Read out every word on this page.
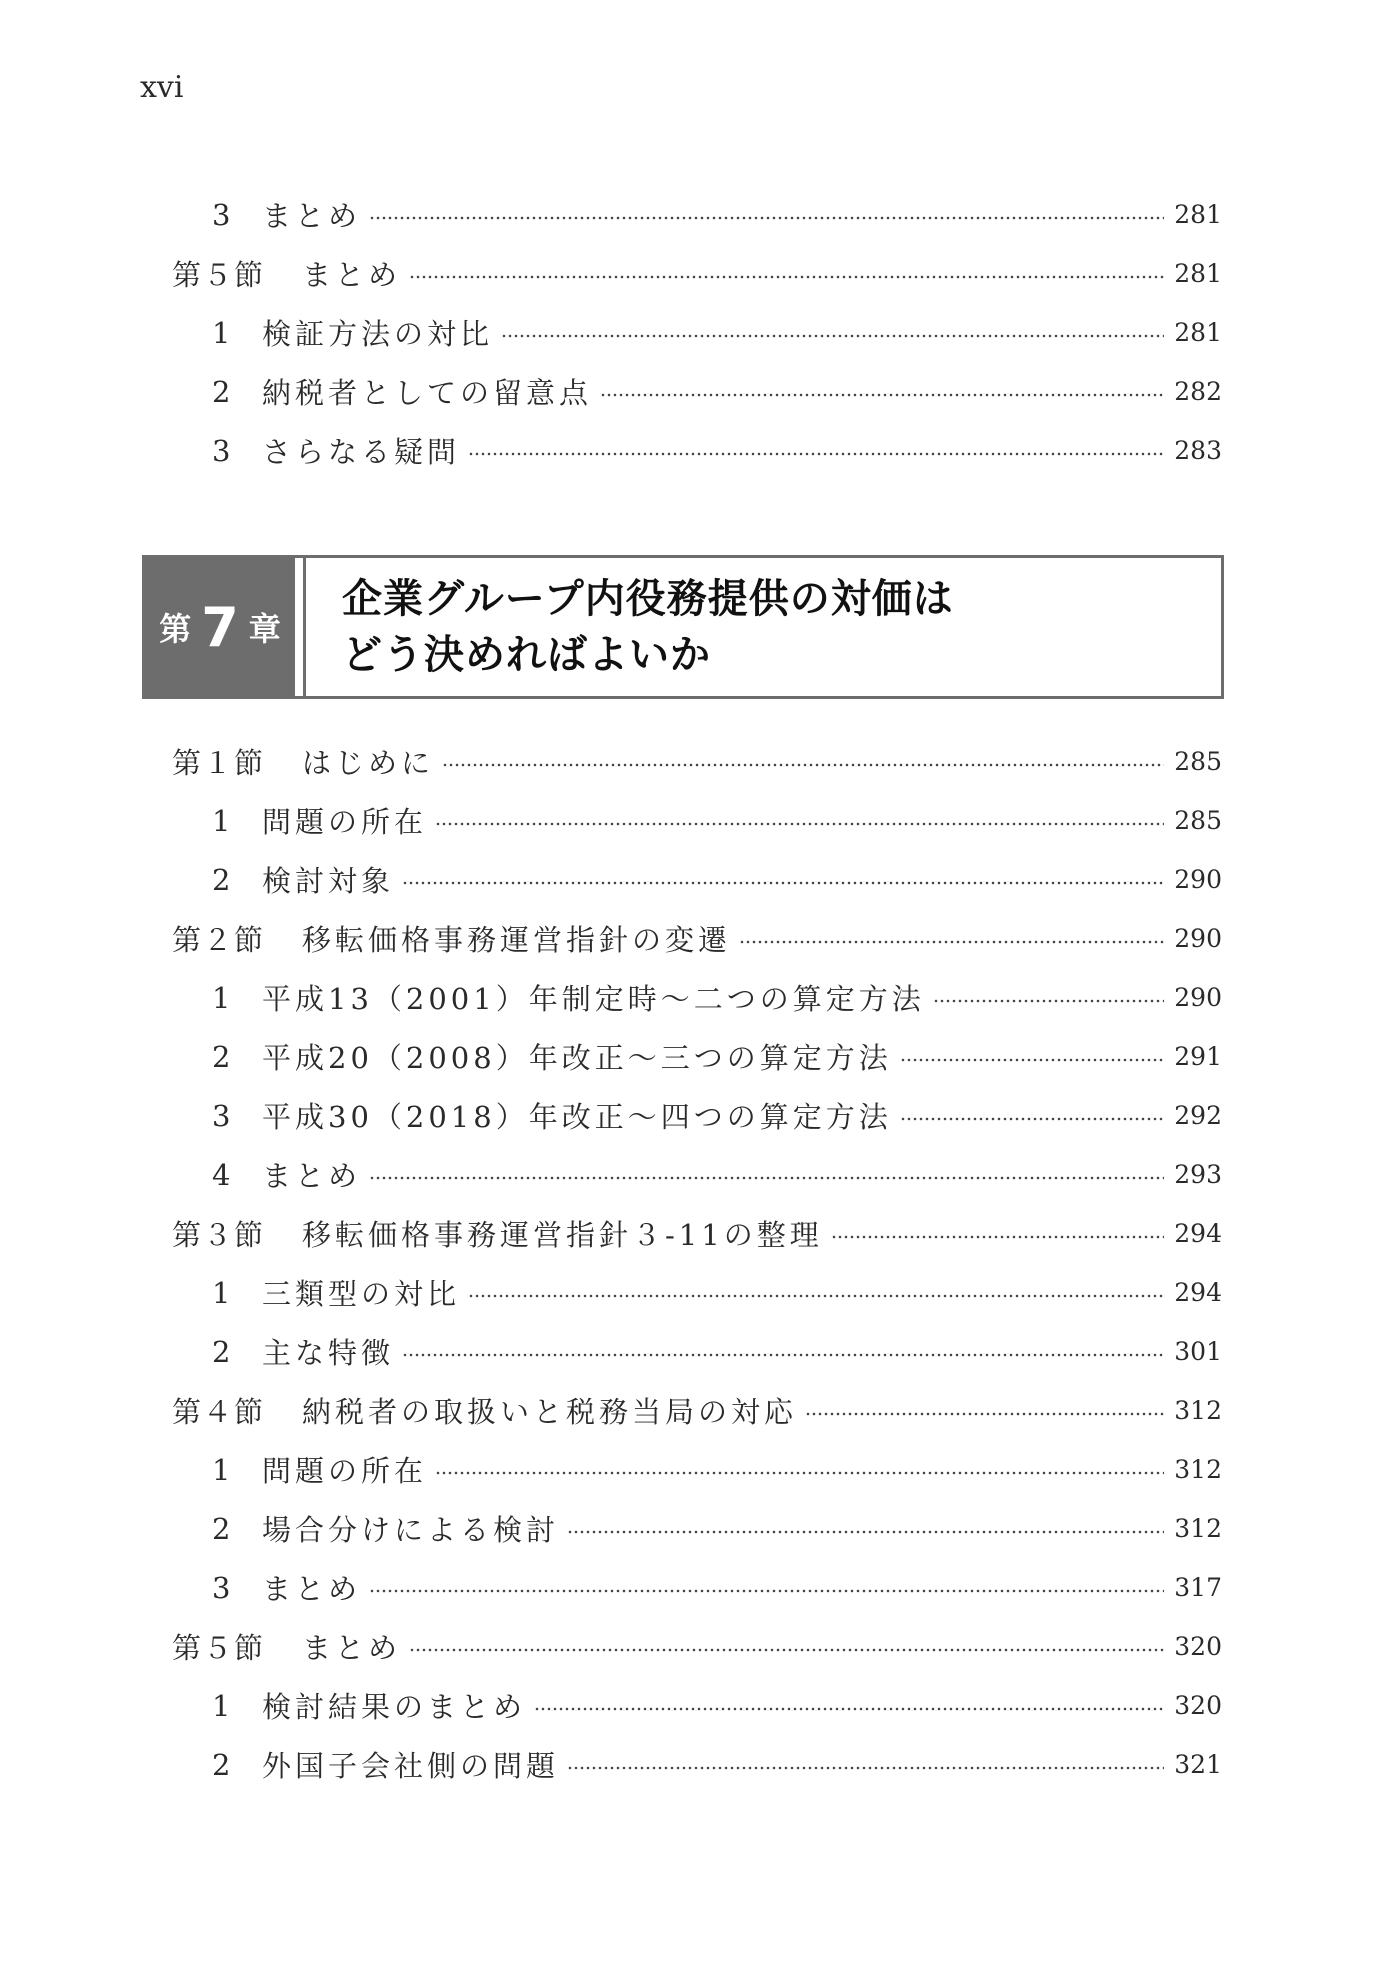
xvi
3	まとめ	281
第５節	まとめ	281
1	検証方法の対比	281
2	納税者としての留意点	282
3	さらなる疑問	283
第 7 章
企業グループ内役務提供の対価は
どう決めればよいか
第１節	はじめに	285
1	問題の所在	285
2	検討対象	290
第２節	移転価格事務運営指針の変遷	290
1	平成13（2001）年制定時～二つの算定方法	290
2	平成20（2008）年改正～三つの算定方法	291
3	平成30（2018）年改正～四つの算定方法	292
4	まとめ	293
第３節	移転価格事務運営指針３-11の整理	294
1	三類型の対比	294
2	主な特徴	301
第４節	納税者の取扱いと税務当局の対応	312
1	問題の所在	312
2	場合分けによる検討	312
3	まとめ	317
第５節	まとめ	320
1	検討結果のまとめ	320
2	外国子会社側の問題	321
